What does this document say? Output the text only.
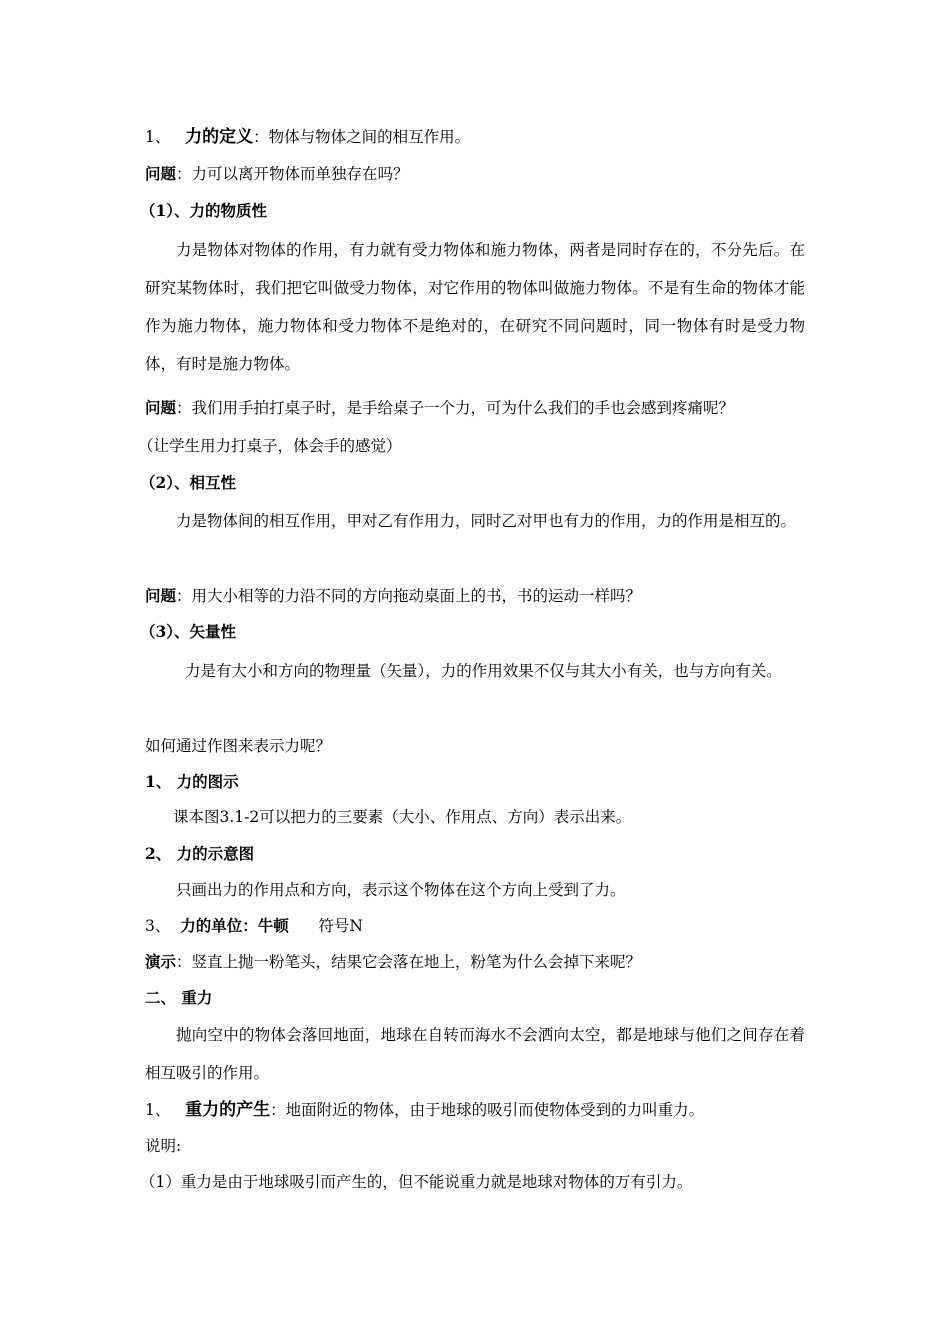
1、 力的定义：物体与物体之间的相互作用。
问题：力可以离开物体而单独存在吗？
（1）、力的物质性
力是物体对物体的作用，有力就有受力物体和施力物体，两者是同时存在的，不分先后。在研究某物体时，我们把它叫做受力物体，对它作用的物体叫做施力物体。不是有生命的物体才能作为施力物体，施力物体和受力物体不是绝对的，在研究不同问题时，同一物体有时是受力物体，有时是施力物体。
问题：我们用手拍打桌子时，是手给桌子一个力，可为什么我们的手也会感到疼痛呢？
（让学生用力打桌子，体会手的感觉）
（2）、相互性
力是物体间的相互作用，甲对乙有作用力，同时乙对甲也有力的作用，力的作用是相互的。
问题：用大小相等的力沿不同的方向拖动桌面上的书，书的运动一样吗？
（3）、矢量性
力是有大小和方向的物理量（矢量），力的作用效果不仅与其大小有关，也与方向有关。
如何通过作图来表示力呢？
1、 力的图示
课本图3.1-2可以把力的三要素（大小、作用点、方向）表示出来。
2、 力的示意图
只画出力的作用点和方向，表示这个物体在这个方向上受到了力。
3、 力的单位：牛顿 符号N
演示：竖直上抛一粉笔头，结果它会落在地上，粉笔为什么会掉下来呢？
二、 重力
抛向空中的物体会落回地面，地球在自转而海水不会洒向太空，都是地球与他们之间存在着相互吸引的作用。
1、 重力的产生：地面附近的物体，由于地球的吸引而使物体受到的力叫重力。
说明:
（1）重力是由于地球吸引而产生的，但不能说重力就是地球对物体的万有引力。
